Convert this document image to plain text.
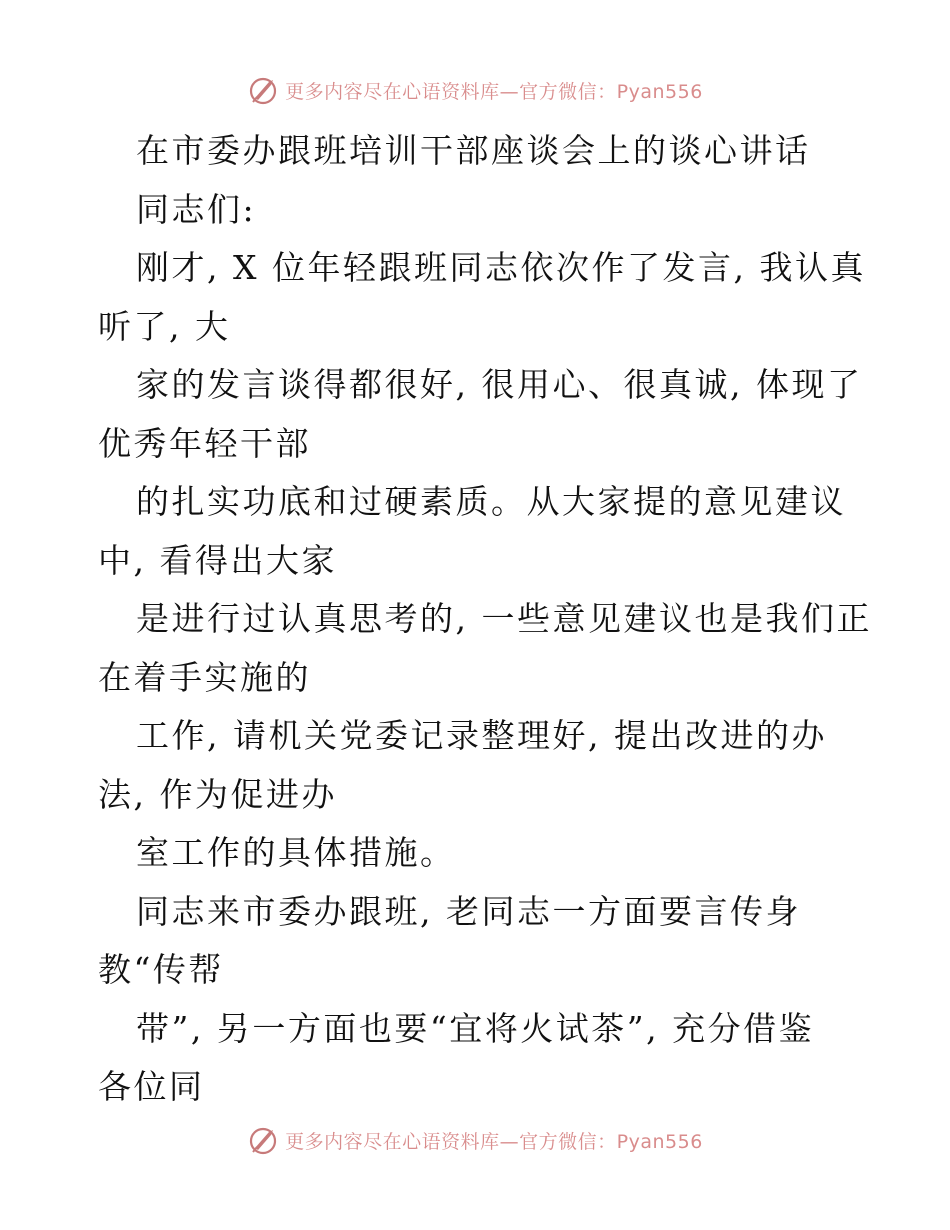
更多内容尽在心语资料库—官方微信：Pyan556
在市委办跟班培训干部座谈会上的谈心讲话
同志们:
刚才, X 位年轻跟班同志依次作了发言, 我认真
听了, 大
家的发言谈得都很好, 很用心、很真诚, 体现了
优秀年轻干部
的扎实功底和过硬素质。从大家提的意见建议
中, 看得出大家
是进行过认真思考的, 一些意见建议也是我们正
在着手实施的
工作, 请机关党委记录整理好, 提出改进的办
法, 作为促进办
室工作的具体措施。
同志来市委办跟班, 老同志一方面要言传身
教“传帮
带”, 另一方面也要“宜将火试茶”, 充分借鉴
各位同
更多内容尽在心语资料库—官方微信：Pyan556
